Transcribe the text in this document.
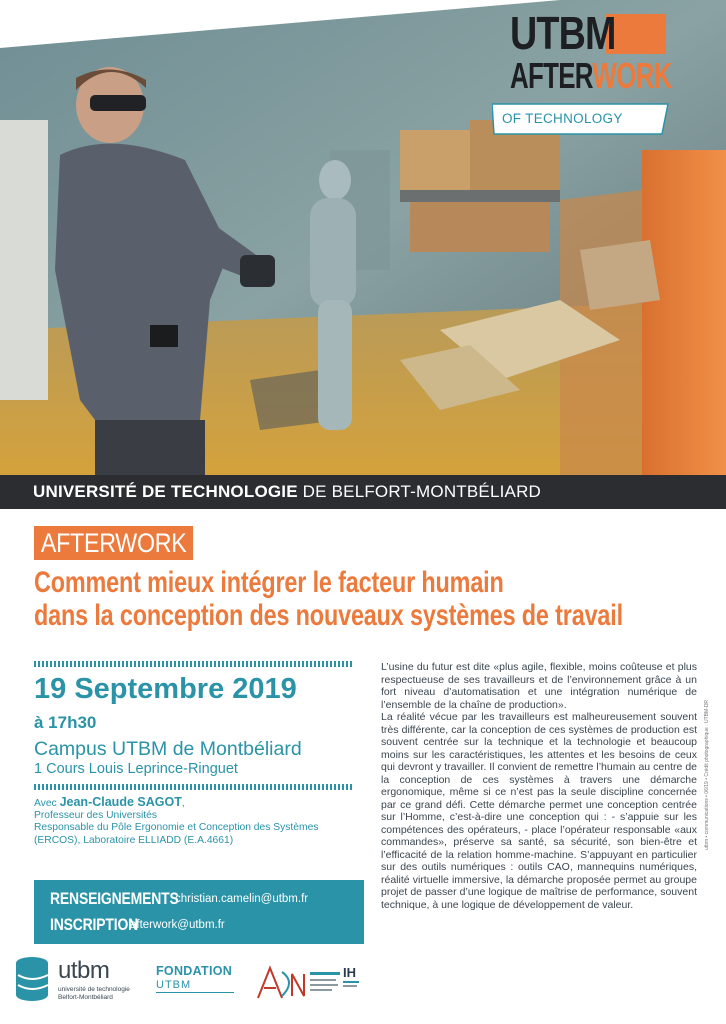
UTBM
AFTERWORK
OF TECHNOLOGY
UNIVERSITÉ DE TECHNOLOGIE DE BELFORT-MONTBÉLIARD
AFTERWORK
Comment mieux intégrer le facteur humain
dans la conception des nouveaux systèmes de travail
19 Septembre 2019
à 17h30
Campus UTBM de Montbéliard
1 Cours Louis Leprince-Ringuet
Avec Jean-Claude SAGOT,
Professeur des Universités
Responsable du Pôle Ergonomie et Conception des Systèmes
(ERCOS), Laboratoire ELLIADD (E.A.4661)
RENSEIGNEMENTS
christian.camelin@utbm.fr
INSCRIPTION
afterwork@utbm.fr
utbm
université de technologie
Belfort-Montbéliard
FONDATION
UTBM
IH

L’usine du futur est dite «plus agile, flexible, moins coûteuse et plus respectueuse de ses travailleurs et de l’environnement grâce à un fort niveau d’automatisation et une intégration numérique de l’ensemble de la chaîne de production».

La réalité vécue par les travailleurs est malheureusement souvent très différente, car la conception de ces systèmes de production est souvent centrée sur la technique et la technologie et beaucoup moins sur les caractéristiques, les attentes et les besoins de ceux qui devront y travailler. Il convient de remettre l’humain au centre de la conception de ces systèmes à travers une démarche ergonomique, même si ce n’est pas la seule discipline concernée par ce grand défi. Cette démarche permet une conception centrée sur l’Homme, c’est-à-dire une conception qui : - s’appuie sur les compétences des opérateurs, - place l’opérateur responsable «aux commandes», préserve sa santé, sa sécurité, son bien-être et l’efficacité de la relation homme-machine. S’appuyant en particulier sur des outils numériques : outils CAO, mannequins numériques, réalité virtuelle immersive, la démarche proposée permet au groupe projet de passer d’une logique de maîtrise de performance, souvent technique, à une logique de développement de valeur.

utbm • communications • 06/19 • Crédit photographique : UTBM-DR
